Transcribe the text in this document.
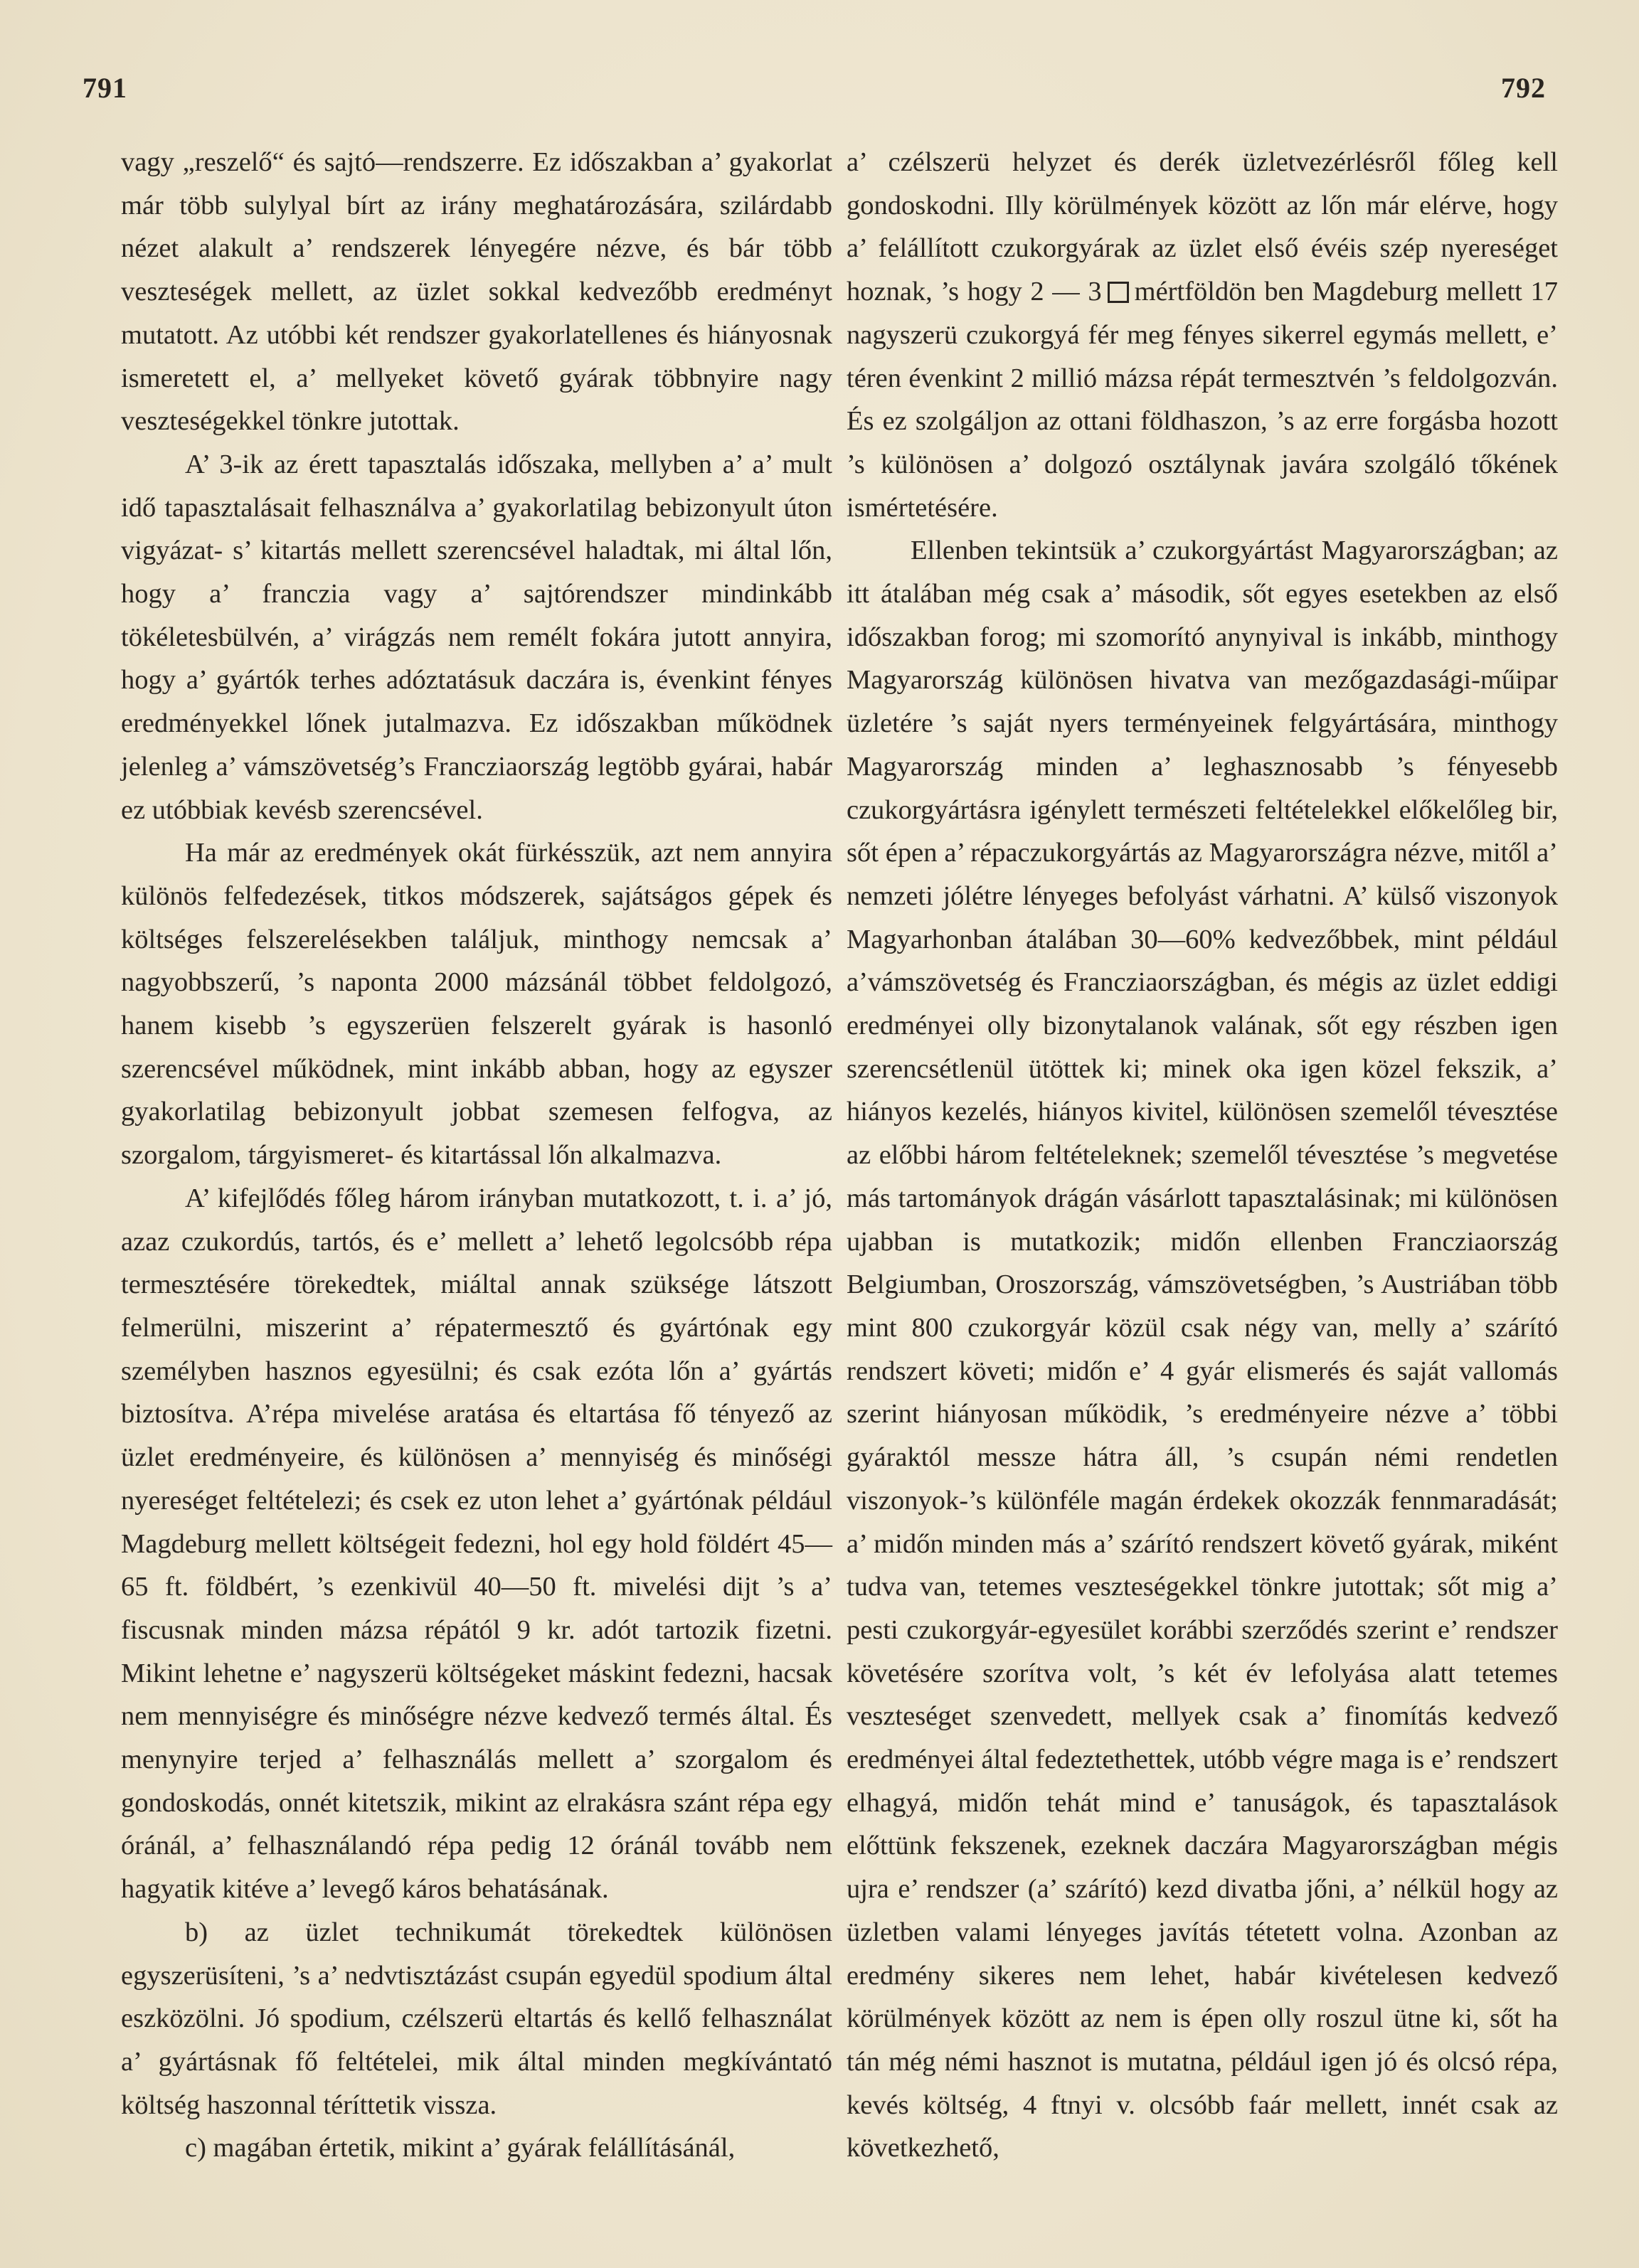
791	792

vagy „reszelő“ és sajtó—rendszerre. Ez időszakban a’ gyakorlat már több sulylyal bírt az irány meghatározására, szilárdabb nézet alakult a’ rendszerek lényegére nézve, és bár több veszteségek mellett, az üzlet sokkal kedvezőbb eredményt mutatott. Az utóbbi két rendszer gyakorlatellenes és hiányosnak ismeretett el, a’ mellyeket követő gyárak többnyire nagy veszteségekkel tönkre jutottak.

A’ 3-ik az érett tapasztalás időszaka, mellyben a’ a’ mult idő tapasztalásait felhasználva a’ gyakorlatilag bebizonyult úton vigyázat- s’ kitartás mellett szerencsével haladtak, mi által lőn, hogy a’ franczia vagy a’ sajtórendszer mindinkább tökéletesbülvén, a’ virágzás nem remélt fokára jutott annyira, hogy a’ gyártók terhes adóztatásuk daczára is, évenkint fényes eredményekkel lőnek jutalmazva. Ez időszakban működnek jelenleg a’ vámszövetség’s Francziaország legtöbb gyárai, habár ez utóbbiak kevésb szerencsével.

Ha már az eredmények okát fürkésszük, azt nem annyira különös felfedezések, titkos módszerek, sajátságos gépek és költséges felszerelésekben találjuk, minthogy nemcsak a’ nagyobbszerű, ’s naponta 2000 mázsánál többet feldolgozó, hanem kisebb ’s egyszerüen felszerelt gyárak is hasonló szerencsével működnek, mint inkább abban, hogy az egyszer gyakorlatilag bebizonyult jobbat szemesen felfogva, az szorgalom, tárgyismeret- és kitartással lőn alkalmazva.

A’ kifejlődés főleg három irányban mutatkozott, t. i. a’ jó, azaz czukordús, tartós, és e’ mellett a’ lehető legolcsóbb répa termesztésére törekedtek, miáltal annak szüksége látszott felmerülni, miszerint a’ répatermesztő és gyártónak egy személyben hasznos egyesülni; és csak ezóta lőn a’ gyártás biztosítva. A’répa mivelése aratása és eltartása fő tényező az üzlet eredményeire, és különösen a’ mennyiség és minőségi nyereséget feltételezi; és csek ez uton lehet a’ gyártónak például Magdeburg mellett költségeit fedezni, hol egy hold földért 45—65 ft. földbért, ’s ezenkivül 40—50 ft. mivelési dijt ’s a’ fiscusnak minden mázsa répától 9 kr. adót tartozik fizetni. Mikint lehetne e’ nagyszerü költségeket máskint fedezni, hacsak nem mennyiségre és minőségre nézve kedvező termés által. És menynyire terjed a’ felhasználás mellett a’ szorgalom és gondoskodás, onnét kitetszik, mikint az elrakásra szánt répa egy óránál, a’ felhasználandó répa pedig 12 óránál tovább nem hagyatik kitéve a’ levegő káros behatásának.

b) az üzlet technikumát törekedtek különösen egyszerüsíteni, ’s a’ nedvtisztázást csupán egyedül spodium által eszközölni. Jó spodium, czélszerü eltartás és kellő felhasználat a’ gyártásnak fő feltételei, mik által minden megkívántató költség haszonnal téríttetik vissza.

c) magában értetik, mikint a’ gyárak felállításánál,

a’ czélszerü helyzet és derék üzletvezérlésről főleg kell gondoskodni. Illy körülmények között az lőn már elérve, hogy a’ felállított czukorgyárak az üzlet első évéis szép nyereséget hoznak, ’s hogy 2 — 3 mértföldön ben Magdeburg mellett 17 nagyszerü czukorgyá fér meg fényes sikerrel egymás mellett, e’ téren évenkint 2 millió mázsa répát termesztvén ’s feldolgozván. És ez szolgáljon az ottani földhaszon, ’s az erre forgásba hozott ’s különösen a’ dolgozó osztálynak javára szolgáló tőkének ismértetésére.

Ellenben tekintsük a’ czukorgyártást Magyarországban; az itt átalában még csak a’ második, sőt egyes esetekben az első időszakban forog; mi szomorító anynyival is inkább, minthogy Magyarország különösen hivatva van mezőgazdasági-műipar üzletére ’s saját nyers terményeinek felgyártására, minthogy Magyarország minden a’ leghasznosabb ’s fényesebb czukorgyártásra igénylett természeti feltételekkel előkelőleg bir, sőt épen a’ répaczukorgyártás az Magyarországra nézve, mitől a’ nemzeti jólétre lényeges befolyást várhatni. A’ külső viszonyok Magyarhonban átalában 30—60% kedvezőbbek, mint például a’vámszövetség és Francziaországban, és mégis az üzlet eddigi eredményei olly bizonytalanok valának, sőt egy részben igen szerencsétlenül ütöttek ki; minek oka igen közel fekszik, a’ hiányos kezelés, hiányos kivitel, különösen szemelől tévesztése az előbbi három feltételeknek; szemelől tévesztése ’s megvetése más tartományok drágán vásárlott tapasztalásinak; mi különösen ujabban is mutatkozik; midőn ellenben Francziaország Belgiumban, Oroszország, vámszövetségben, ’s Austriában több mint 800 czukorgyár közül csak négy van, melly a’ szárító rendszert követi; midőn e’ 4 gyár elismerés és saját vallomás szerint hiányosan működik, ’s eredményeire nézve a’ többi gyáraktól messze hátra áll, ’s csupán némi rendetlen viszonyok-’s különféle magán érdekek okozzák fennmaradását; a’ midőn minden más a’ szárító rendszert követő gyárak, miként tudva van, tetemes veszteségekkel tönkre jutottak; sőt mig a’ pesti czukorgyár-egyesület korábbi szerződés szerint e’ rendszer követésére szorítva volt, ’s két év lefolyása alatt tetemes veszteséget szenvedett, mellyek csak a’ finomítás kedvező eredményei által fedeztethettek, utóbb végre maga is e’ rendszert elhagyá, midőn tehát mind e’ tanuságok, és tapasztalások előttünk fekszenek, ezeknek daczára Magyarországban mégis ujra e’ rendszer (a’ szárító) kezd divatba jőni, a’ nélkül hogy az üzletben valami lényeges javítás tétetett volna. Azonban az eredmény sikeres nem lehet, habár kivételesen kedvező körülmények között az nem is épen olly roszul ütne ki, sőt ha tán még némi hasznot is mutatna, például igen jó és olcsó répa, kevés költség, 4 ftnyi v. olcsóbb faár mellett, innét csak az következhető,
